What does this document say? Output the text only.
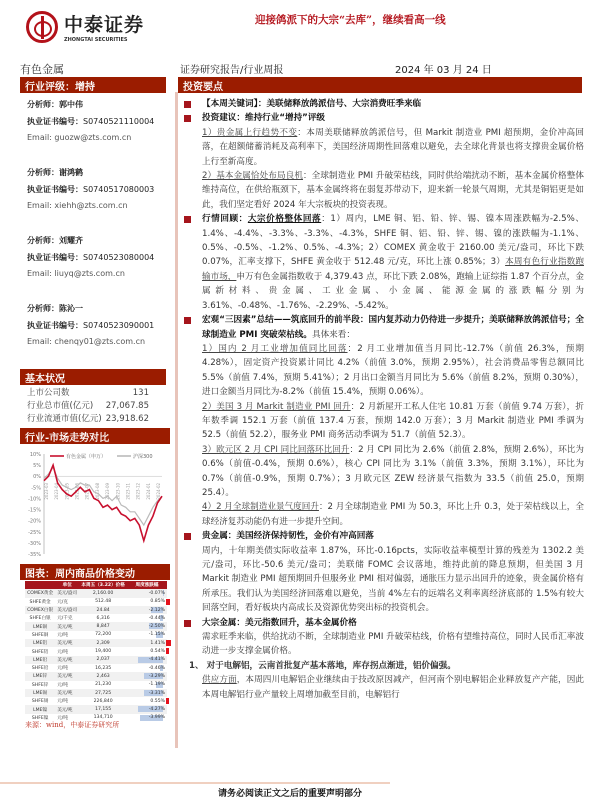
中泰证券
ZHONGTAI SECURITIES
迎接鸽派下的大宗“去库”，继续看高一线
有色金属	证券研究报告/行业周报	2024 年 03 月 24 日
行业评级：增持	投资要点
分析师：郭中伟
执业证书编号：S0740521110004
Email: guozw@zts.com.cn
分析师：谢鸿鹤
执业证书编号：S0740517080003
Email: xiehh@zts.com.cn
分析师：刘耀齐
执业证书编号：S0740523080004
Email: liuyq@zts.com.cn
分析师：陈沁一
执业证书编号：S0740523090001
Email: chenqy01@zts.com.cn
基本状况
上市公司数	131
行业总市值(亿元) 27,067.85
行业流通市值(亿元) 23,918.62
行业-市场走势对比
10%
5%
0%
-5%
-10%
-15%
-20%
-25%
-30%
-35%
2023-03 2023-04 2023-05 2023-06 2023-07 2023-08 2023-09 2023-10 2023-11 2023-12 2024-01 2024-02
有色金属（申万）	沪深300
图表：周内商品价格变动
	单位	本周五（3.22）价格	周度涨跌幅
COMEX黄金	美元/盎司	2,160.00	-0.07%
SHFE黄金	元/克	512.48	0.85%
COMEX白银	美元/盎司	24.84	-2.12%
SHFE白银	元/千克	6,316	-0.44%
LME铜	美元/吨	8,847	-2.50%
SHFE铜	元/吨	72,200	-1.15%
LME铝	美元/吨	2,309	1.41%
SHFE铝	元/吨	19,400	0.54%
LME铅	美元/吨	2,037	-4.41%
SHFE铅	元/吨	16,235	-0.46%
LME锌	美元/吨	2,463	-3.29%
SHFE锌	元/吨	21,230	-1.19%
LME锡	美元/吨	27,725	-3.31%
SHFE锡	元/吨	226,840	0.55%
LME镍	美元/吨	17,155	-4.27%
SHFE镍	元/吨	134,710	-3.99%
来源：wind，中泰证券研究所
【本周关键词】：美联储释放鸽派信号、大宗消费旺季来临
投资建议：维持行业“增持”评级
1）贵金属上行趋势不变：本周美联储释放鸽派信号，但 Markit 制造业 PMI 超预期，金价冲高回落，在超额储蓄消耗及高利率下，美国经济周期性回落难以避免，去全球化背景也将支撑贵金属价格上行至新高度。
2）基本金属恰处布局良机：全球制造业 PMI 升破荣枯线，同时供给端扰动不断，基本金属价格整体维持高位，在供给瓶颈下，基本金属终将在弱复苏带动下，迎来新一轮景气周期，尤其是铜铝更是如此，我们坚定看好 2024 年大宗板块的投资表现。
行情回顾：大宗价格整体回落：1）周内，LME 铜、铝、铅、锌、锡、镍本周涨跌幅为-2.5%、1.4%、-4.4%、-3.3%、-3.3%、-4.3%，SHFE 铜、铝、铅、锌、锡、镍的涨跌幅为-1.1%、0.5%、-0.5%、-1.2%、0.5%、-4.3%；2）COMEX 黄金收于 2160.00 美元/盎司，环比下跌 0.07%，汇率支撑下，SHFE 黄金收于 512.48 元/克，环比上涨 0.85%；3）本周有色行业指数跑输市场，申万有色金属指数收于 4,379.43 点，环比下跌 2.08%，跑输上证综指 1.87 个百分点，金属新材料、贵金属、工业金属、小金属、能源金属的涨跌幅分别为 3.61%、-0.48%、-1.76%、-2.29%、-5.42%。
宏观“三因素”总结——筑底回升的前半段：国内复苏动力仍待进一步提升；美联储释放鸽派信号；全球制造业 PMI 突破荣枯线。具体来看：
1）国内 2 月工业增加值同比回落：2 月工业增加值当月同比-12.7%（前值 26.3%，预期 4.28%），固定资产投资累计同比 4.2%（前值 3.0%，预期 2.95%），社会消费品零售总额同比 5.5%（前值 7.4%，预期 5.41%）；2 月出口金额当月同比为 5.6%（前值 8.2%，预期 0.30%），进口金额当月同比为-8.2%（前值 15.4%，预期 0.06%）。
2）美国 3 月 Markit 制造业 PMI 回升：2 月新屋开工私人住宅 10.81 万套（前值 9.74 万套），折年数季调 152.1 万套（前值 137.4 万套，预期 142.0 万套）；3 月 Markit 制造业 PMI 季调为 52.5（前值 52.2），服务业 PMI 商务活动季调为 51.7（前值 52.3）。
3）欧元区 2 月 CPI 同比回落环比回升：2 月 CPI 同比为 2.6%（前值 2.8%，预期 2.6%），环比为 0.6%（前值-0.4%，预期 0.6%），核心 CPI 同比为 3.1%（前值 3.3%，预期 3.1%），环比为 0.7%（前值-0.9%，预期 0.7%）；3 月欧元区 ZEW 经济景气指数为 33.5（前值 25.0，预期 25.4）。
4）2 月全球制造业景气度回升：2 月全球制造业 PMI 为 50.3，环比上升 0.3，处于荣枯线以上，全球经济复苏动能仍有进一步提升空间。
贵金属：美国经济保持韧性，金价有冲高回落
周内，十年期美债实际收益率 1.87%，环比-0.16pcts，实际收益率模型计算的残差为 1302.2 美元/盎司，环比-50.6 美元/盎司；美联储 FOMC 会议落地，维持此前的降息预期，但美国 3 月 Markit 制造业 PMI 超预期回升但服务业 PMI 相对偏弱，通胀压力显示出回升的迹象，贵金属价格有所承压。我们认为美国经济回落难以避免，当前 4%左右的远端名义利率离经济底部的 1.5%有较大回落空间，看好板块内高成长及资源优势突出标的投资机会。
大宗金属：美元指数回升，基本金属价格
需求旺季来临，供给扰动不断，全球制造业 PMI 升破荣枯线，价格有望维持高位，同时人民币汇率波动进一步支撑金属价格。
1、 对于电解铝，云南首批复产基本落地，库存拐点渐进，铝价偏强。
供应方面，本周四川电解铝企业继续由于技改原因减产，但河南个别电解铝企业释放复产产能，因此本周电解铝行业产量较上周增加截至目前，电解铝行
请务必阅读正文之后的重要声明部分
